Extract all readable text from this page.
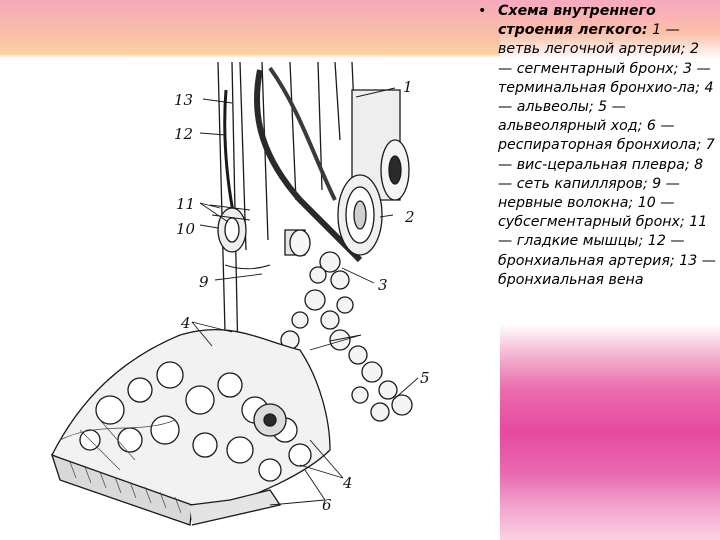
13
12
1
11
10
2
9	3
4
5
4
6

• Схема внутреннего строения легкого: 1 — ветвь легочной артерии; 2 — сегментарный бронх; 3 — терминальная бронхио-ла; 4 — альвеолы; 5 — альвеолярный ход; 6 — респираторная бронхиола; 7 — вис-церальная плевра; 8 — сеть капилляров; 9 — нервные волокна; 10 — субсегментарный бронх; 11 — гладкие мышцы; 12 — бронхиальная артерия; 13 — бронхиальная вена
